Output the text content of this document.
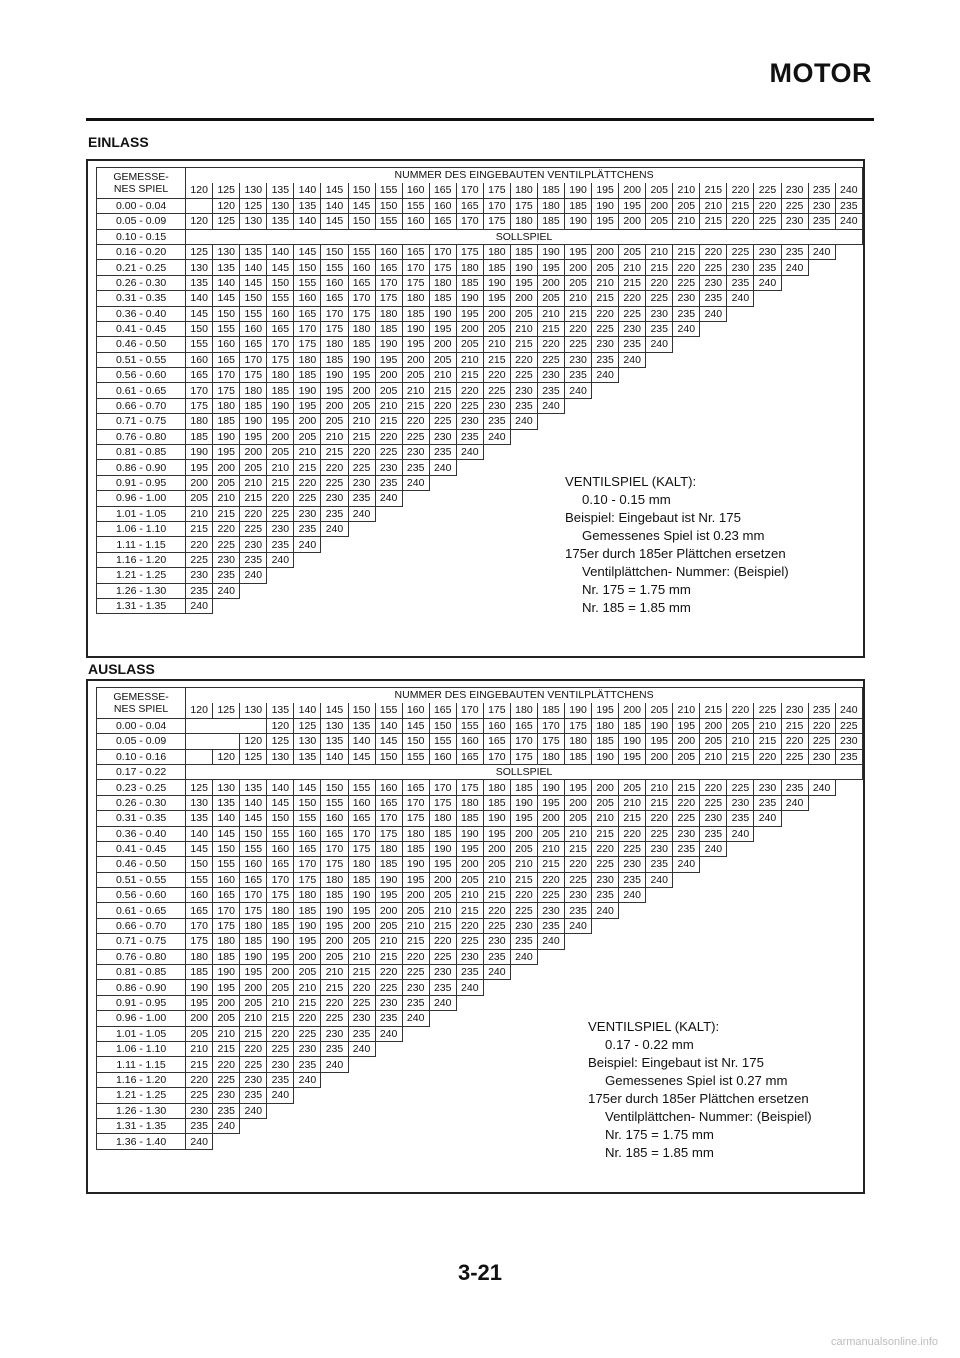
MOTOR
EINLASS
GEMESSE-
NES SPIEL	NUMMER DES EINGEBAUTEN VENTILPLÄTTCHENS																								
	120	125	130	135	140	145	150	155	160	165	170	175	180	185	190	195	200	205	210	215	220	225	230	235	240
0.00 - 0.04		120	125	130	135	140	145	150	155	160	165	170	175	180	185	190	195	200	205	210	215	220	225	230	235
0.05 - 0.09	120	125	130	135	140	145	150	155	160	165	170	175	180	185	190	195	200	205	210	215	220	225	230	235	240
0.10 - 0.15	SOLLSPIEL																								
0.16 - 0.20	125	130	135	140	145	150	155	160	165	170	175	180	185	190	195	200	205	210	215	220	225	230	235	240	
0.21 - 0.25	130	135	140	145	150	155	160	165	170	175	180	185	190	195	200	205	210	215	220	225	230	235	240		
0.26 - 0.30	135	140	145	150	155	160	165	170	175	180	185	190	195	200	205	210	215	220	225	230	235	240			
0.31 - 0.35	140	145	150	155	160	165	170	175	180	185	190	195	200	205	210	215	220	225	230	235	240				
0.36 - 0.40	145	150	155	160	165	170	175	180	185	190	195	200	205	210	215	220	225	230	235	240					
0.41 - 0.45	150	155	160	165	170	175	180	185	190	195	200	205	210	215	220	225	230	235	240						
0.46 - 0.50	155	160	165	170	175	180	185	190	195	200	205	210	215	220	225	230	235	240							
0.51 - 0.55	160	165	170	175	180	185	190	195	200	205	210	215	220	225	230	235	240								
0.56 - 0.60	165	170	175	180	185	190	195	200	205	210	215	220	225	230	235	240									
0.61 - 0.65	170	175	180	185	190	195	200	205	210	215	220	225	230	235	240										
0.66 - 0.70	175	180	185	190	195	200	205	210	215	220	225	230	235	240											
0.71 - 0.75	180	185	190	195	200	205	210	215	220	225	230	235	240												
0.76 - 0.80	185	190	195	200	205	210	215	220	225	230	235	240													
0.81 - 0.85	190	195	200	205	210	215	220	225	230	235	240														
0.86 - 0.90	195	200	205	210	215	220	225	230	235	240															
0.91 - 0.95	200	205	210	215	220	225	230	235	240																
0.96 - 1.00	205	210	215	220	225	230	235	240																	
1.01 - 1.05	210	215	220	225	230	235	240																		
1.06 - 1.10	215	220	225	230	235	240																			
1.11 - 1.15	220	225	230	235	240																				
1.16 - 1.20	225	230	235	240																					
1.21 - 1.25	230	235	240																						
1.26 - 1.30	235	240																							
1.31 - 1.35	240																								
VENTILSPIEL (KALT):
0.10 - 0.15 mm
Beispiel: Eingebaut ist Nr. 175
Gemessenes Spiel ist 0.23 mm
175er durch 185er Plättchen ersetzen
Ventilplättchen- Nummer: (Beispiel)
Nr. 175 = 1.75 mm
Nr. 185 = 1.85 mm
AUSLASS
GEMESSE-
NES SPIEL	NUMMER DES EINGEBAUTEN VENTILPLÄTTCHENS																								
	120	125	130	135	140	145	150	155	160	165	170	175	180	185	190	195	200	205	210	215	220	225	230	235	240
0.00 - 0.04				120	125	130	135	140	145	150	155	160	165	170	175	180	185	190	195	200	205	210	215	220	225
0.05 - 0.09			120	125	130	135	140	145	150	155	160	165	170	175	180	185	190	195	200	205	210	215	220	225	230
0.10 - 0.16		120	125	130	135	140	145	150	155	160	165	170	175	180	185	190	195	200	205	210	215	220	225	230	235
0.17 - 0.22	SOLLSPIEL																								
0.23 - 0.25	125	130	135	140	145	150	155	160	165	170	175	180	185	190	195	200	205	210	215	220	225	230	235	240	
0.26 - 0.30	130	135	140	145	150	155	160	165	170	175	180	185	190	195	200	205	210	215	220	225	230	235	240		
0.31 - 0.35	135	140	145	150	155	160	165	170	175	180	185	190	195	200	205	210	215	220	225	230	235	240			
0.36 - 0.40	140	145	150	155	160	165	170	175	180	185	190	195	200	205	210	215	220	225	230	235	240				
0.41 - 0.45	145	150	155	160	165	170	175	180	185	190	195	200	205	210	215	220	225	230	235	240					
0.46 - 0.50	150	155	160	165	170	175	180	185	190	195	200	205	210	215	220	225	230	235	240						
0.51 - 0.55	155	160	165	170	175	180	185	190	195	200	205	210	215	220	225	230	235	240							
0.56 - 0.60	160	165	170	175	180	185	190	195	200	205	210	215	220	225	230	235	240								
0.61 - 0.65	165	170	175	180	185	190	195	200	205	210	215	220	225	230	235	240									
0.66 - 0.70	170	175	180	185	190	195	200	205	210	215	220	225	230	235	240										
0.71 - 0.75	175	180	185	190	195	200	205	210	215	220	225	230	235	240											
0.76 - 0.80	180	185	190	195	200	205	210	215	220	225	230	235	240												
0.81 - 0.85	185	190	195	200	205	210	215	220	225	230	235	240													
0.86 - 0.90	190	195	200	205	210	215	220	225	230	235	240														
0.91 - 0.95	195	200	205	210	215	220	225	230	235	240															
0.96 - 1.00	200	205	210	215	220	225	230	235	240																
1.01 - 1.05	205	210	215	220	225	230	235	240																	
1.06 - 1.10	210	215	220	225	230	235	240																		
1.11 - 1.15	215	220	225	230	235	240																			
1.16 - 1.20	220	225	230	235	240																				
1.21 - 1.25	225	230	235	240																					
1.26 - 1.30	230	235	240																						
1.31 - 1.35	235	240																							
1.36 - 1.40	240																								
VENTILSPIEL (KALT):
0.17 - 0.22 mm
Beispiel: Eingebaut ist Nr. 175
Gemessenes Spiel ist 0.27 mm
175er durch 185er Plättchen ersetzen
Ventilplättchen- Nummer: (Beispiel)
Nr. 175 = 1.75 mm
Nr. 185 = 1.85 mm
3-21
carmanualsonline.info
